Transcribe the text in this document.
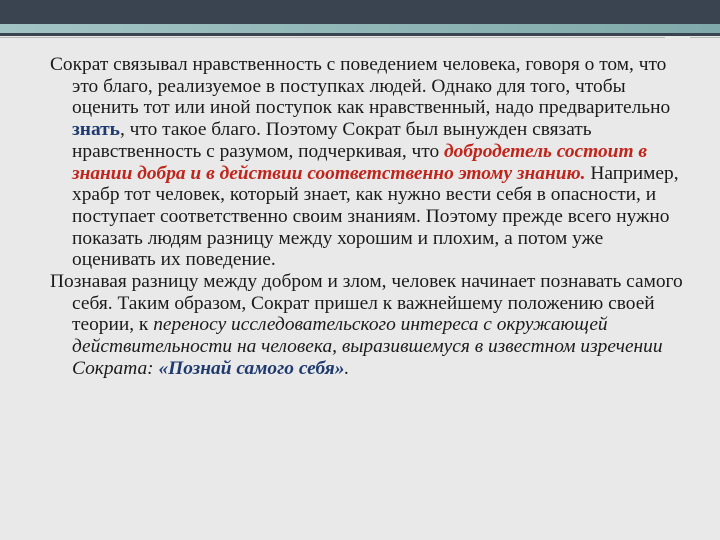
Сократ связывал нравственность с поведением человека, говоря о том, что это благо, реализуемое в поступках людей. Однако для того, чтобы оценить тот или иной поступок как нравственный, надо предварительно знать, что такое благо. Поэтому Сократ был вынужден связать нравственность с разумом, подчеркивая, что добродетель состоит в знании добра и в действии соответственно этому знанию. Например, храбр тот человек, который знает, как нужно вести себя в опасности, и поступает соответственно своим знаниям. Поэтому прежде всего нужно показать людям разницу между хорошим и плохим, а потом уже оценивать их поведение.

Познавая разницу между добром и злом, человек начинает познавать самого себя. Таким образом, Сократ пришел к важнейшему положению своей теории, к переносу исследовательского интереса с окружающей действительности на человека, выразившемуся в известном изречении Сократа: «Познай самого себя».
